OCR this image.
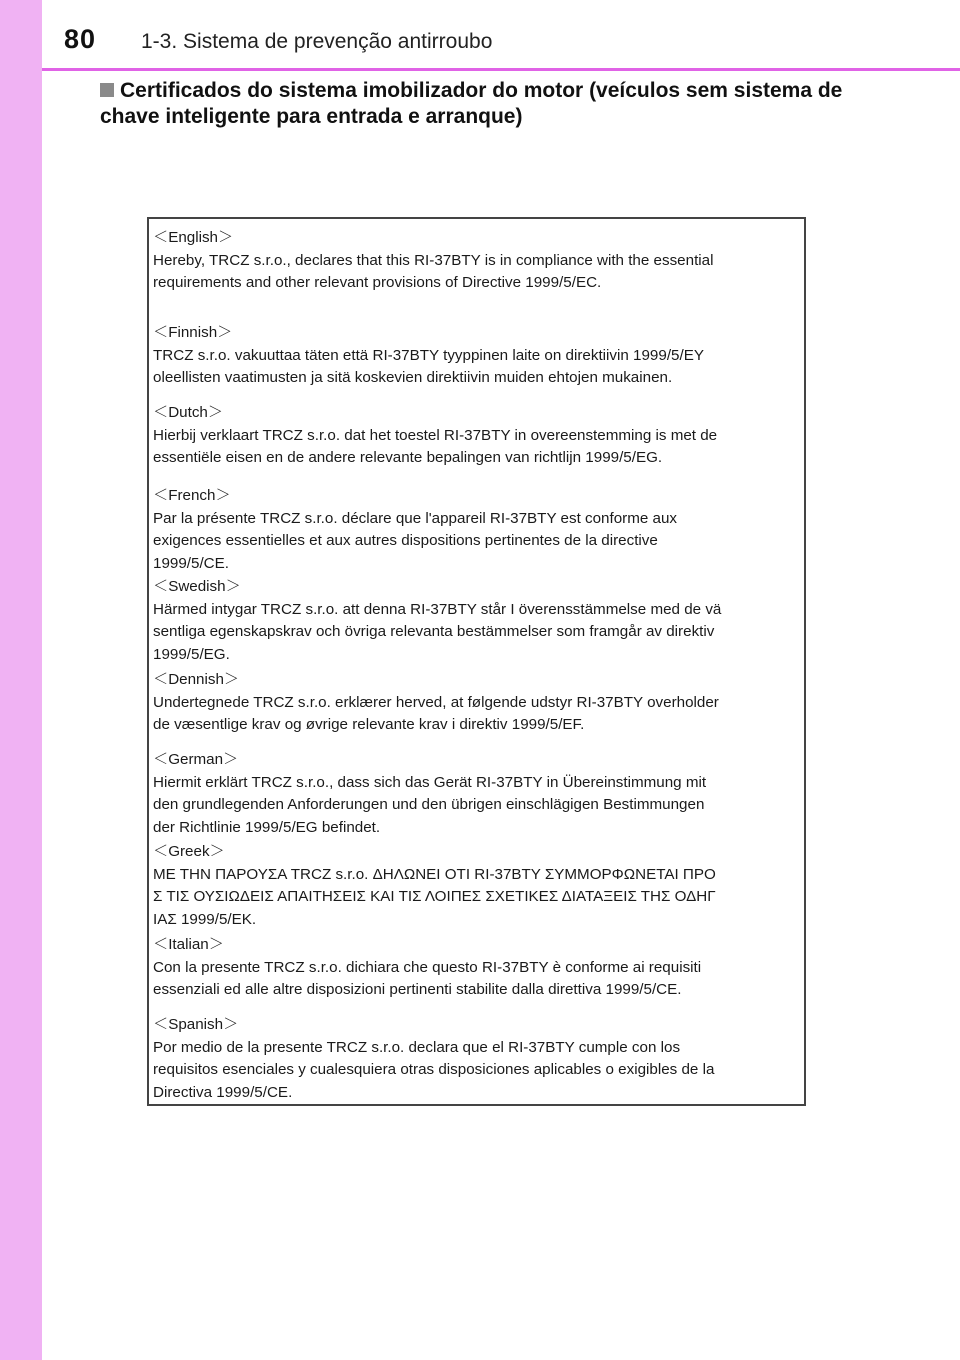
80 1-3. Sistema de prevenção antirroubo
Certificados do sistema imobilizador do motor (veículos sem sistema de
chave inteligente para entrada e arranque)
＜English＞
Hereby, TRCZ s.r.o., declares that this RI-37BTY is in compliance with the essential
requirements and other relevant provisions of Directive 1999/5/EC.
＜Finnish＞
TRCZ s.r.o. vakuuttaa täten että RI-37BTY tyyppinen laite on direktiivin 1999/5/EY
oleellisten vaatimusten ja sitä koskevien direktiivin muiden ehtojen mukainen.
＜Dutch＞
Hierbij verklaart TRCZ s.r.o. dat het toestel RI-37BTY in overeenstemming is met de
essentiële eisen en de andere relevante bepalingen van richtlijn 1999/5/EG.
＜French＞
Par la présente TRCZ s.r.o. déclare que l'appareil RI-37BTY est conforme aux
exigences essentielles et aux autres dispositions pertinentes de la directive
1999/5/CE.
＜Swedish＞
Härmed intygar TRCZ s.r.o. att denna RI-37BTY står I överensstämmelse med de vä
sentliga egenskapskrav och övriga relevanta bestämmelser som framgår av direktiv
1999/5/EG.
＜Dennish＞
Undertegnede TRCZ s.r.o. erklærer herved, at følgende udstyr RI-37BTY overholder
de væsentlige krav og øvrige relevante krav i direktiv 1999/5/EF.
＜German＞
Hiermit erklärt TRCZ s.r.o., dass sich das Gerät RI-37BTY in Übereinstimmung mit
den grundlegenden Anforderungen und den übrigen einschlägigen Bestimmungen
der Richtlinie 1999/5/EG befindet.
＜Greek＞
ΜΕ ΤΗΝ ΠΑΡΟΥΣΑ TRCZ s.r.o. ΔΗΛΩΝΕΙ ΟΤΙ RI-37BTY ΣΥΜΜΟΡΦΩΝΕΤΑΙ ΠΡΟ
Σ ΤΙΣ ΟΥΣΙΩΔΕΙΣ ΑΠΑΙΤΗΣΕΙΣ ΚΑΙ ΤΙΣ ΛΟΙΠΕΣ ΣΧΕΤΙΚΕΣ ΔΙΑΤΑΞΕΙΣ ΤΗΣ ΟΔΗΓ
ΙΑΣ 1999/5/ΕΚ.
＜Italian＞
Con la presente TRCZ s.r.o. dichiara che questo RI-37BTY è conforme ai requisiti
essenziali ed alle altre disposizioni pertinenti stabilite dalla direttiva 1999/5/CE.
＜Spanish＞
Por medio de la presente TRCZ s.r.o. declara que el RI-37BTY cumple con los
requisitos esenciales y cualesquiera otras disposiciones aplicables o exigibles de la
Directiva 1999/5/CE.
